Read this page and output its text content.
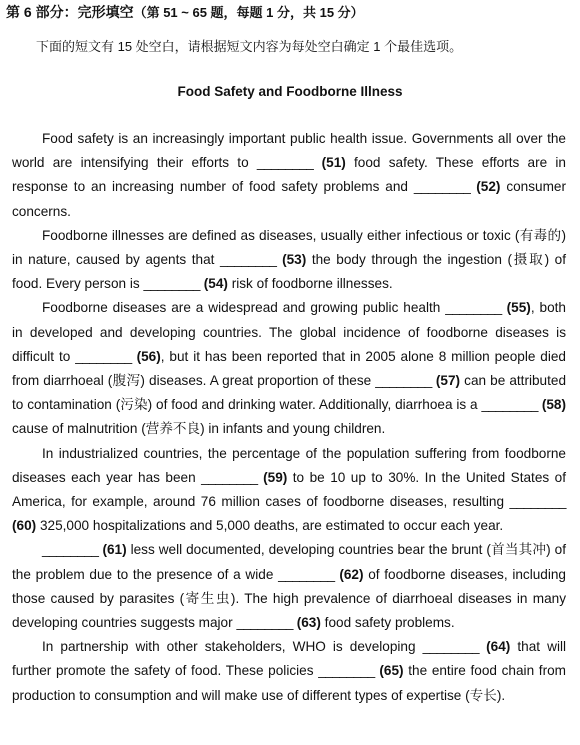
第 6 部分：完形填空（第 51 ~ 65 题，每题 1 分，共 15 分）
下面的短文有 15 处空白，请根据短文内容为每处空白确定 1 个最佳选项。
Food Safety and Foodborne Illness

Food safety is an increasingly important public health issue. Governments all over the world are intensifying their efforts to ________ (51) food safety. These efforts are in response to an increasing number of food safety problems and ________ (52) consumer concerns.

Foodborne illnesses are defined as diseases, usually either infectious or toxic (有毒的) in nature, caused by agents that ________ (53) the body through the ingestion (摄取) of food. Every person is ________ (54) risk of foodborne illnesses.

Foodborne diseases are a widespread and growing public health ________ (55), both in developed and developing countries. The global incidence of foodborne diseases is difficult to ________ (56), but it has been reported that in 2005 alone 8 million people died from diarrhoeal (腹泻) diseases. A great proportion of these ________ (57) can be attributed to contamination (污染) of food and drinking water. Additionally, diarrhoea is a ________ (58) cause of malnutrition (营养不良) in infants and young children.

In industrialized countries, the percentage of the population suffering from foodborne diseases each year has been ________ (59) to be 10 up to 30%. In the United States of America, for example, around 76 million cases of foodborne diseases, resulting ________ (60) 325,000 hospitalizations and 5,000 deaths, are estimated to occur each year.

________ (61) less well documented, developing countries bear the brunt (首当其冲) of the problem due to the presence of a wide ________ (62) of foodborne diseases, including those caused by parasites (寄生虫). The high prevalence of diarrhoeal diseases in many developing countries suggests major ________ (63) food safety problems.

In partnership with other stakeholders, WHO is developing ________ (64) that will further promote the safety of food. These policies ________ (65) the entire food chain from production to consumption and will make use of different types of expertise (专长).
